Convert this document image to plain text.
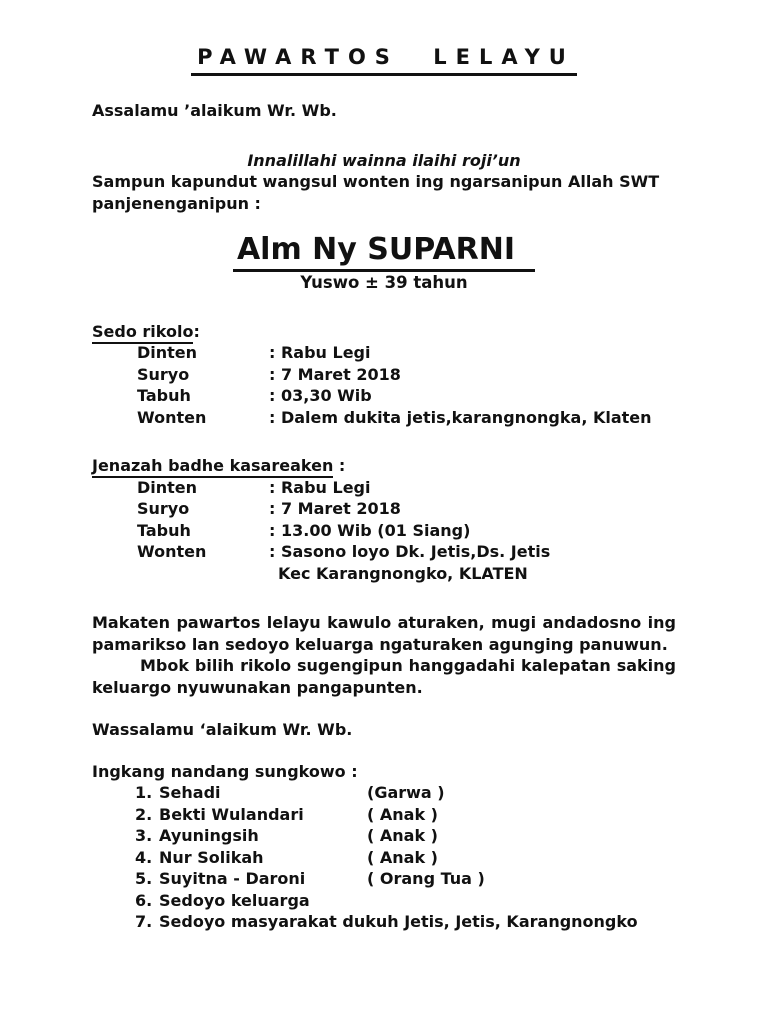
PAWARTOS LELAYU
Assalamu ’alaikum Wr. Wb.
Innalillahi wainna ilaihi roji’un
Sampun kapundut wangsul wonten ing ngarsanipun Allah SWT
panjenenganipun :
Alm Ny SUPARNI
Yuswo ± 39 tahun
Sedo rikolo:
Dinten	: Rabu Legi
Suryo	: 7 Maret 2018
Tabuh	: 03,30 Wib
Wonten	: Dalem dukita jetis,karangnongka, Klaten
Jenazah badhe kasareaken :
Dinten	: Rabu Legi
Suryo	: 7 Maret 2018
Tabuh	: 13.00 Wib (01 Siang)
Wonten	: Sasono loyo Dk. Jetis,Ds. Jetis
Kec Karangnongko, KLATEN

Makaten pawartos lelayu kawulo aturaken, mugi andadosno ing pamarikso lan sedoyo keluarga ngaturaken agunging panuwun.

Mbok bilih rikolo sugengipun hanggadahi kalepatan saking keluargo nyuwunakan pangapunten.

Wassalamu ‘alaikum Wr. Wb.
Ingkang nandang sungkowo :
1. Sehadi	(Garwa )
2. Bekti Wulandari	( Anak )
3. Ayuningsih	( Anak )
4. Nur Solikah	( Anak )
5. Suyitna - Daroni	( Orang Tua )
6. Sedoyo keluarga
7. Sedoyo masyarakat dukuh Jetis, Jetis, Karangnongko
